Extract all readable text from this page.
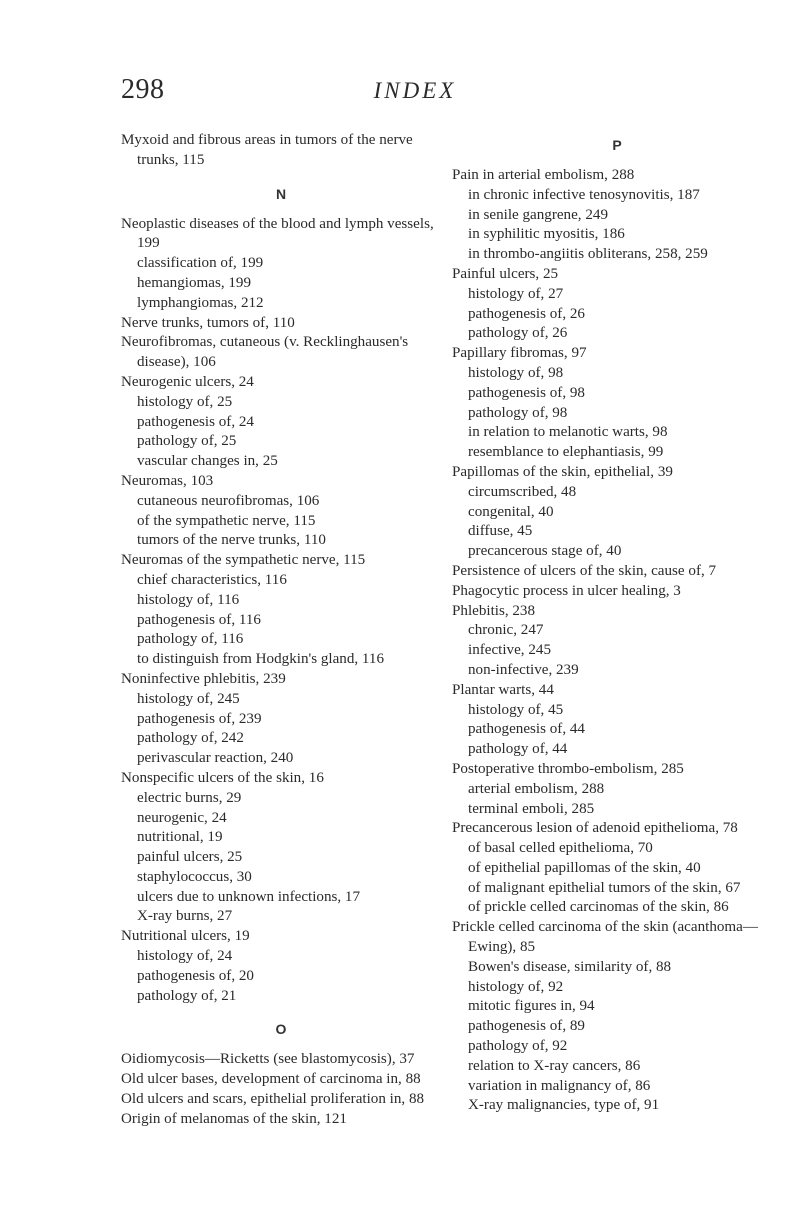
298	INDEX

Myxoid and fibrous areas in tumors of the nerve trunks, 115

N

Neoplastic diseases of the blood and lymph vessels, 199

classification of, 199

hemangiomas, 199

lymphangiomas, 212

Nerve trunks, tumors of, 110

Neurofibromas, cutaneous (v. Recklinghausen's disease), 106

Neurogenic ulcers, 24

histology of, 25

pathogenesis of, 24

pathology of, 25

vascular changes in, 25

Neuromas, 103

cutaneous neurofibromas, 106

of the sympathetic nerve, 115

tumors of the nerve trunks, 110

Neuromas of the sympathetic nerve, 115

chief characteristics, 116

histology of, 116

pathogenesis of, 116

pathology of, 116

to distinguish from Hodgkin's gland, 116

Noninfective phlebitis, 239

histology of, 245

pathogenesis of, 239

pathology of, 242

perivascular reaction, 240

Nonspecific ulcers of the skin, 16

electric burns, 29

neurogenic, 24

nutritional, 19

painful ulcers, 25

staphylococcus, 30

ulcers due to unknown infections, 17

X-ray burns, 27

Nutritional ulcers, 19

histology of, 24

pathogenesis of, 20

pathology of, 21

O

Oidiomycosis—Ricketts (see blastomycosis), 37

Old ulcer bases, development of carcinoma in, 88

Old ulcers and scars, epithelial proliferation in, 88

Origin of melanomas of the skin, 121

P

Pain in arterial embolism, 288

in chronic infective tenosynovitis, 187

in senile gangrene, 249

in syphilitic myositis, 186

in thrombo-angiitis obliterans, 258, 259

Painful ulcers, 25

histology of, 27

pathogenesis of, 26

pathology of, 26

Papillary fibromas, 97

histology of, 98

pathogenesis of, 98

pathology of, 98

in relation to melanotic warts, 98

resemblance to elephantiasis, 99

Papillomas of the skin, epithelial, 39

circumscribed, 48

congenital, 40

diffuse, 45

precancerous stage of, 40

Persistence of ulcers of the skin, cause of, 7

Phagocytic process in ulcer healing, 3

Phlebitis, 238

chronic, 247

infective, 245

non-infective, 239

Plantar warts, 44

histology of, 45

pathogenesis of, 44

pathology of, 44

Postoperative thrombo-embolism, 285

arterial embolism, 288

terminal emboli, 285

Precancerous lesion of adenoid epithelioma, 78

of basal celled epithelioma, 70

of epithelial papillomas of the skin, 40

of malignant epithelial tumors of the skin, 67

of prickle celled carcinomas of the skin, 86

Prickle celled carcinoma of the skin (acanthoma—Ewing), 85

Bowen's disease, similarity of, 88

histology of, 92

mitotic figures in, 94

pathogenesis of, 89

pathology of, 92

relation to X-ray cancers, 86

variation in malignancy of, 86

X-ray malignancies, type of, 91
